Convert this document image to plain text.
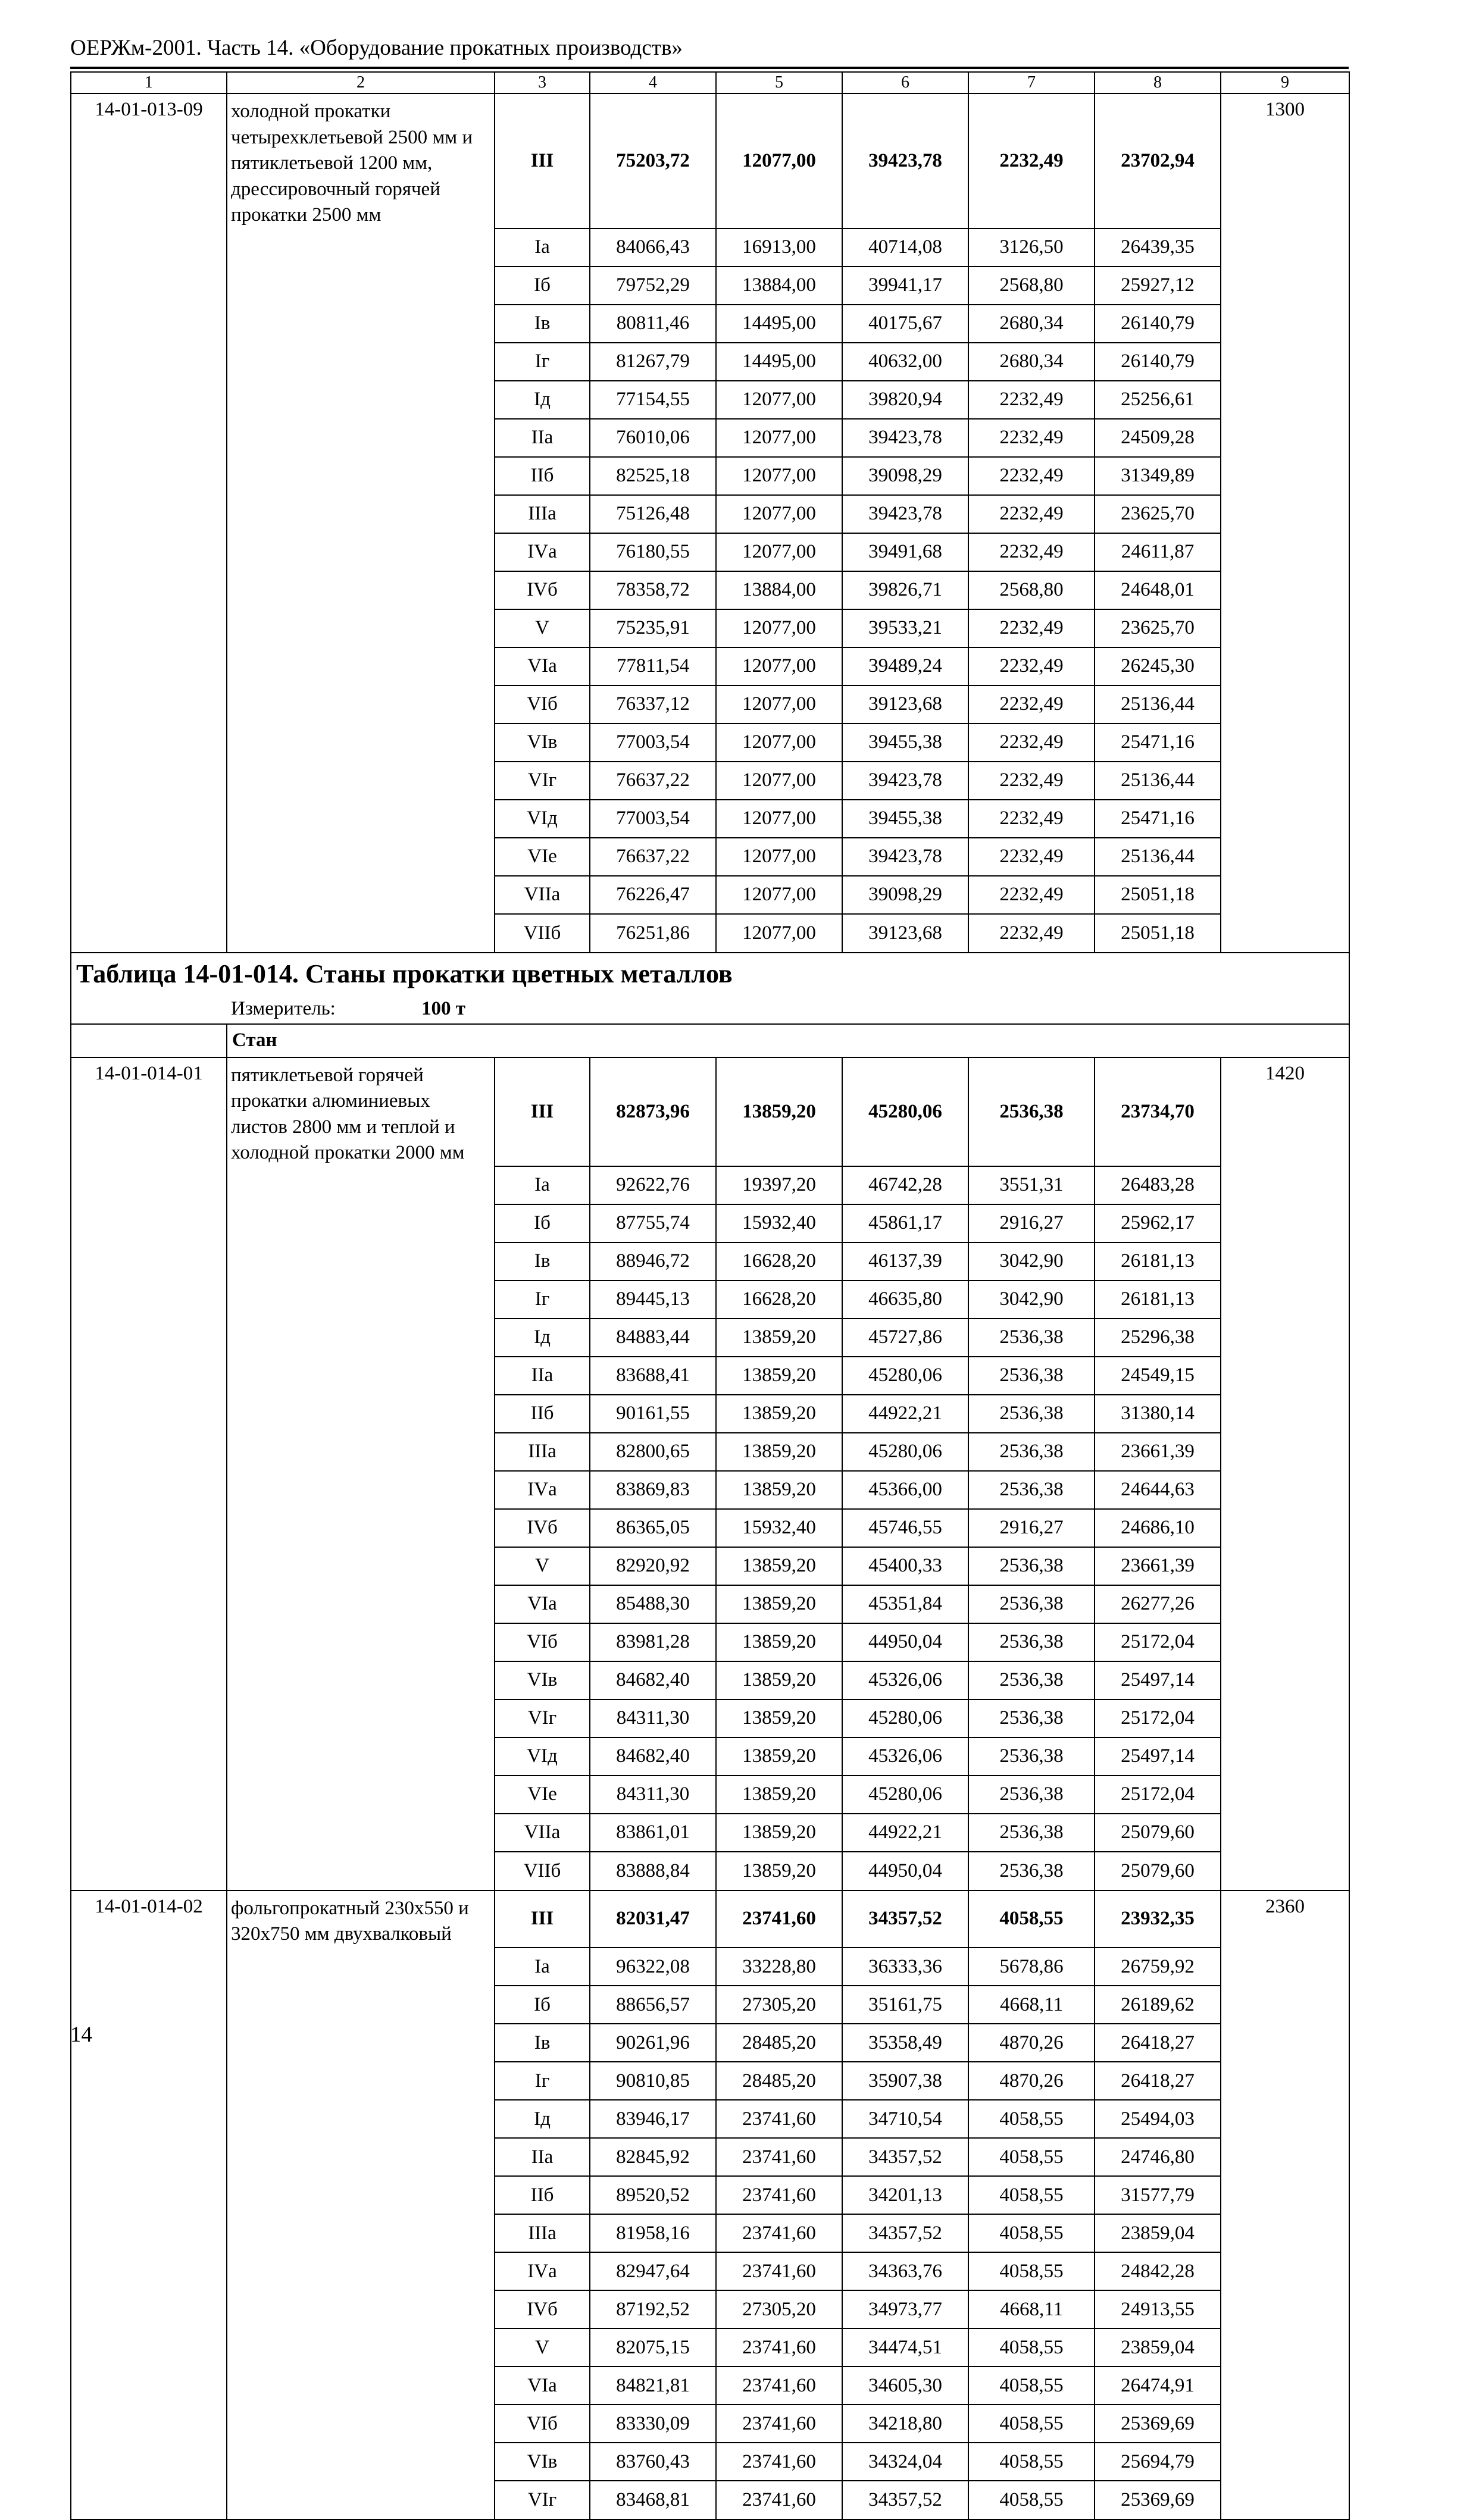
ОЕРЖм-2001. Часть 14. «Оборудование прокатных производств»
1	2	3	4	5	6	7	8	9
14-01-013-09	холодной прокатки четырехклетьевой 2500 мм и пятиклетьевой 1200 мм, дрессировочный горячей прокатки 2500 мм	III	75203,72	12077,00	39423,78	2232,49	23702,94	1300
		Ia	84066,43	16913,00	40714,08	3126,50	26439,35	
		Iб	79752,29	13884,00	39941,17	2568,80	25927,12	
		Iв	80811,46	14495,00	40175,67	2680,34	26140,79	
		Iг	81267,79	14495,00	40632,00	2680,34	26140,79	
		Iд	77154,55	12077,00	39820,94	2232,49	25256,61	
		IIа	76010,06	12077,00	39423,78	2232,49	24509,28	
		IIб	82525,18	12077,00	39098,29	2232,49	31349,89	
		IIIа	75126,48	12077,00	39423,78	2232,49	23625,70	
		IVа	76180,55	12077,00	39491,68	2232,49	24611,87	
		IVб	78358,72	13884,00	39826,71	2568,80	24648,01	
		V	75235,91	12077,00	39533,21	2232,49	23625,70	
		VIа	77811,54	12077,00	39489,24	2232,49	26245,30	
		VIб	76337,12	12077,00	39123,68	2232,49	25136,44	
		VIв	77003,54	12077,00	39455,38	2232,49	25471,16	
		VIг	76637,22	12077,00	39423,78	2232,49	25136,44	
		VIд	77003,54	12077,00	39455,38	2232,49	25471,16	
		VIе	76637,22	12077,00	39423,78	2232,49	25136,44	
		VIIа	76226,47	12077,00	39098,29	2232,49	25051,18	
		VIIб	76251,86	12077,00	39123,68	2232,49	25051,18	
Таблица 14-01-014. Станы прокатки цветных металлов								
Измеритель: 100 т								
	Стан							
14-01-014-01	пятиклетьевой горячей прокатки алюминиевых листов 2800 мм и теплой и холодной прокатки 2000 мм	III	82873,96	13859,20	45280,06	2536,38	23734,70	1420
		Ia	92622,76	19397,20	46742,28	3551,31	26483,28	
		Iб	87755,74	15932,40	45861,17	2916,27	25962,17	
		Iв	88946,72	16628,20	46137,39	3042,90	26181,13	
		Iг	89445,13	16628,20	46635,80	3042,90	26181,13	
		Iд	84883,44	13859,20	45727,86	2536,38	25296,38	
		IIа	83688,41	13859,20	45280,06	2536,38	24549,15	
		IIб	90161,55	13859,20	44922,21	2536,38	31380,14	
		IIIа	82800,65	13859,20	45280,06	2536,38	23661,39	
		IVа	83869,83	13859,20	45366,00	2536,38	24644,63	
		IVб	86365,05	15932,40	45746,55	2916,27	24686,10	
		V	82920,92	13859,20	45400,33	2536,38	23661,39	
		VIа	85488,30	13859,20	45351,84	2536,38	26277,26	
		VIб	83981,28	13859,20	44950,04	2536,38	25172,04	
		VIв	84682,40	13859,20	45326,06	2536,38	25497,14	
		VIг	84311,30	13859,20	45280,06	2536,38	25172,04	
		VIд	84682,40	13859,20	45326,06	2536,38	25497,14	
		VIе	84311,30	13859,20	45280,06	2536,38	25172,04	
		VIIа	83861,01	13859,20	44922,21	2536,38	25079,60	
		VIIб	83888,84	13859,20	44950,04	2536,38	25079,60	
14-01-014-02	фольгопрокатный 230х550 и 320х750 мм двухвалковый	III	82031,47	23741,60	34357,52	4058,55	23932,35	2360
		Ia	96322,08	33228,80	36333,36	5678,86	26759,92	
		Iб	88656,57	27305,20	35161,75	4668,11	26189,62	
		Iв	90261,96	28485,20	35358,49	4870,26	26418,27	
		Iг	90810,85	28485,20	35907,38	4870,26	26418,27	
		Iд	83946,17	23741,60	34710,54	4058,55	25494,03	
		IIа	82845,92	23741,60	34357,52	4058,55	24746,80	
		IIб	89520,52	23741,60	34201,13	4058,55	31577,79	
		IIIа	81958,16	23741,60	34357,52	4058,55	23859,04	
		IVа	82947,64	23741,60	34363,76	4058,55	24842,28	
		IVб	87192,52	27305,20	34973,77	4668,11	24913,55	
		V	82075,15	23741,60	34474,51	4058,55	23859,04	
		VIа	84821,81	23741,60	34605,30	4058,55	26474,91	
		VIб	83330,09	23741,60	34218,80	4058,55	25369,69	
		VIв	83760,43	23741,60	34324,04	4058,55	25694,79	
		VIг	83468,81	23741,60	34357,52	4058,55	25369,69	
14
